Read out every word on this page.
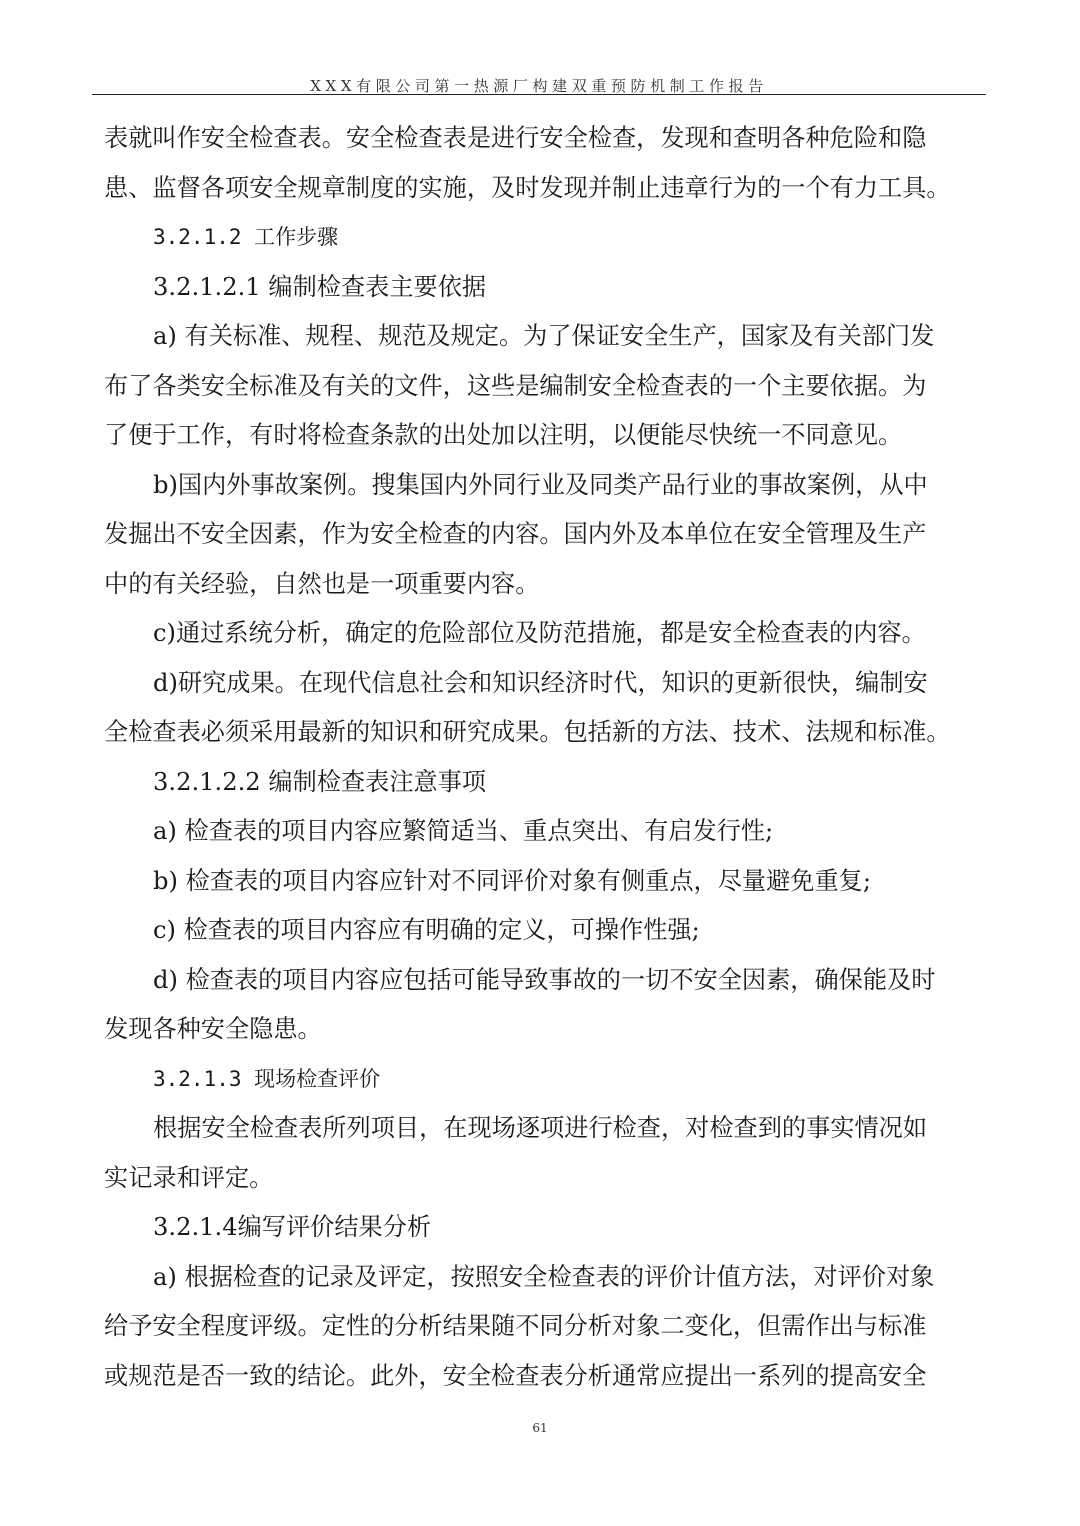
XXX有限公司第一热源厂构建双重预防机制工作报告
表就叫作安全检查表。安全检查表是进行安全检查，发现和查明各种危险和隐
患、监督各项安全规章制度的实施，及时发现并制止违章行为的一个有力工具。
3.2.1.2 工作步骤
3.2.1.2.1 编制检查表主要依据
a) 有关标准、规程、规范及规定。为了保证安全生产，国家及有关部门发
布了各类安全标准及有关的文件，这些是编制安全检查表的一个主要依据。为
了便于工作，有时将检查条款的出处加以注明，以便能尽快统一不同意见。
b)国内外事故案例。搜集国内外同行业及同类产品行业的事故案例，从中
发掘出不安全因素，作为安全检查的内容。国内外及本单位在安全管理及生产
中的有关经验，自然也是一项重要内容。
c)通过系统分析，确定的危险部位及防范措施，都是安全检查表的内容。
d)研究成果。在现代信息社会和知识经济时代，知识的更新很快，编制安
全检查表必须采用最新的知识和研究成果。包括新的方法、技术、法规和标准。
3.2.1.2.2 编制检查表注意事项
a) 检查表的项目内容应繁简适当、重点突出、有启发行性;
b) 检查表的项目内容应针对不同评价对象有侧重点，尽量避免重复;
c) 检查表的项目内容应有明确的定义，可操作性强;
d) 检查表的项目内容应包括可能导致事故的一切不安全因素，确保能及时
发现各种安全隐患。
3.2.1.3 现场检查评价
根据安全检查表所列项目，在现场逐项进行检查，对检查到的事实情况如
实记录和评定。
3.2.1.4编写评价结果分析
a) 根据检查的记录及评定，按照安全检查表的评价计值方法，对评价对象
给予安全程度评级。定性的分析结果随不同分析对象二变化，但需作出与标准
或规范是否一致的结论。此外，安全检查表分析通常应提出一系列的提高安全
61
